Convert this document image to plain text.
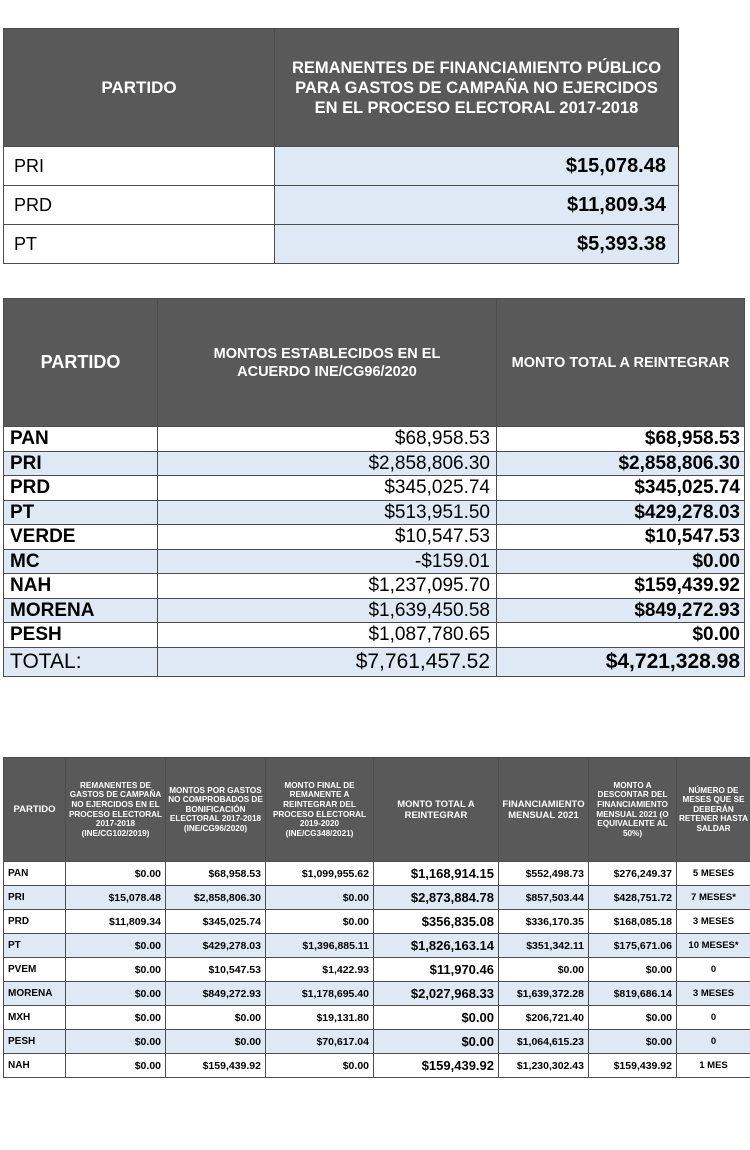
PARTIDO	REMANENTES DE FINANCIAMIENTO PÚBLICO PARA GASTOS DE CAMPAÑA NO EJERCIDOS EN EL PROCESO ELECTORAL 2017-2018
PRI	$15,078.48
PRD	$11,809.34
PT	$5,393.38
PARTIDO	MONTOS ESTABLECIDOS EN EL ACUERDO INE/CG96/2020	MONTO TOTAL A REINTEGRAR
PAN	$68,958.53	$68,958.53
PRI	$2,858,806.30	$2,858,806.30
PRD	$345,025.74	$345,025.74
PT	$513,951.50	$429,278.03
VERDE	$10,547.53	$10,547.53
MC	-$159.01	$0.00
NAH	$1,237,095.70	$159,439.92
MORENA	$1,639,450.58	$849,272.93
PESH	$1,087,780.65	$0.00
TOTAL:	$7,761,457.52	$4,721,328.98
PARTIDO	REMANENTES DE GASTOS DE CAMPAÑA NO EJERCIDOS EN EL PROCESO ELECTORAL 2017-2018 (INE/CG102/2019)	MONTOS POR GASTOS NO COMPROBADOS DE BONIFICACIÓN ELECTORAL 2017-2018 (INE/CG96/2020)	MONTO FINAL DE REMANENTE A REINTEGRAR DEL PROCESO ELECTORAL 2019-2020 (INE/CG348/2021)	MONTO TOTAL A REINTEGRAR	FINANCIAMIENTO MENSUAL 2021	MONTO A DESCONTAR DEL FINANCIAMIENTO MENSUAL 2021 (O EQUIVALENTE AL 50%)	NÚMERO DE MESES QUE SE DEBERÁN RETENER HASTA SALDAR
PAN	$0.00	$68,958.53	$1,099,955.62	$1,168,914.15	$552,498.73	$276,249.37	5 MESES
PRI	$15,078.48	$2,858,806.30	$0.00	$2,873,884.78	$857,503.44	$428,751.72	7 MESES*
PRD	$11,809.34	$345,025.74	$0.00	$356,835.08	$336,170.35	$168,085.18	3 MESES
PT	$0.00	$429,278.03	$1,396,885.11	$1,826,163.14	$351,342.11	$175,671.06	10 MESES*
PVEM	$0.00	$10,547.53	$1,422.93	$11,970.46	$0.00	$0.00	0
MORENA	$0.00	$849,272.93	$1,178,695.40	$2,027,968.33	$1,639,372.28	$819,686.14	3 MESES
MXH	$0.00	$0.00	$19,131.80	$0.00	$206,721.40	$0.00	0
PESH	$0.00	$0.00	$70,617.04	$0.00	$1,064,615.23	$0.00	0
NAH	$0.00	$159,439.92	$0.00	$159,439.92	$1,230,302.43	$159,439.92	1 MES
